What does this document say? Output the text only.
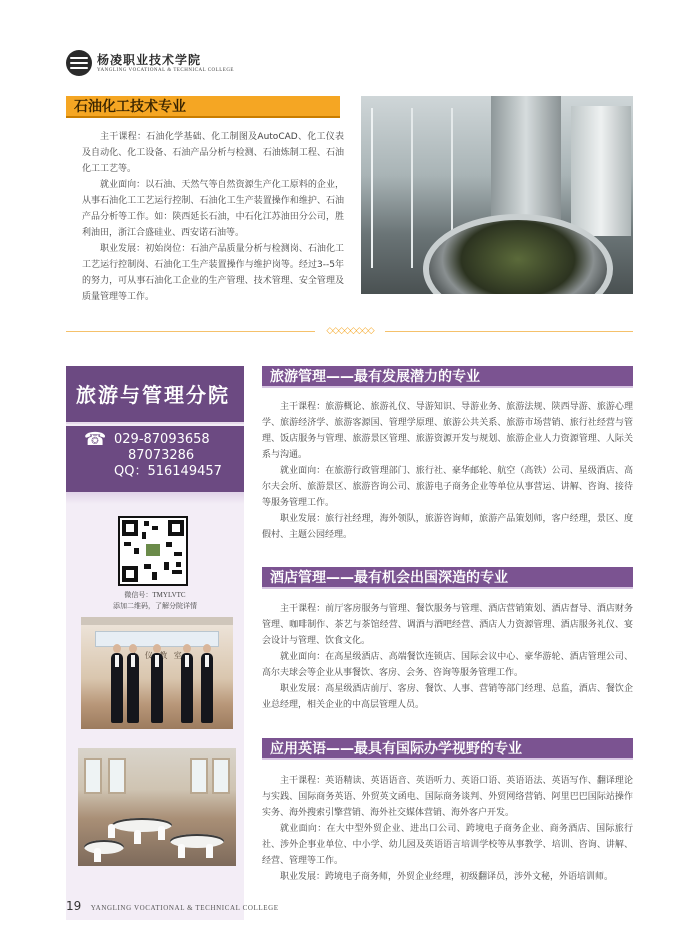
杨凌职业技术学院
YANGLING VOCATIONAL & TECHNICAL COLLEGE
石油化工技术专业

主干课程：石油化学基础、化工制图及AutoCAD、化工仪表及自动化、化工设备、石油产品分析与检测、石油炼制工程、石油化工工艺等。

就业面向：以石油、天然气等自然资源生产化工原料的企业，从事石油化工工艺运行控制、石油化工生产装置操作和维护、石油产品分析等工作。如：陕西延长石油，中石化江苏油田分公司，胜利油田，浙江合盛硅业、西安诺石油等。

职业发展：初始岗位：石油产品质量分析与检测岗、石油化工工艺运行控制岗、石油化工生产装置操作与维护岗等。经过3--5年的努力，可从事石油化工企业的生产管理、技术管理、安全管理及质量管理等工作。

◇◇◇◇◇◇◇◇
旅游与管理分院
☎ 029-87093658
87073286
QQ：516149457
微信号：TMYLVTC
添加二维码，了解分院详情
仪 教 室
旅游管理——最有发展潜力的专业

主干课程：旅游概论、旅游礼仪、导游知识、导游业务、旅游法规、陕西导游、旅游心理学、旅游经济学、旅游客源国、管理学原理、旅游公共关系、旅游市场营销、旅行社经营与管理、饭店服务与管理、旅游景区管理、旅游资源开发与规划、旅游企业人力资源管理、人际关系与沟通。

就业面向：在旅游行政管理部门、旅行社、豪华邮轮、航空（高铁）公司、星级酒店、高尔夫会所、旅游景区、旅游咨询公司、旅游电子商务企业等单位从事营运、讲解、咨询、接待等服务管理工作。

职业发展：旅行社经理，海外领队，旅游咨询师，旅游产品策划师，客户经理，景区、度假村、主题公园经理。

酒店管理——最有机会出国深造的专业

主干课程：前厅客房服务与管理、餐饮服务与管理、酒店营销策划、酒店督导、酒店财务管理、咖啡制作、茶艺与茶馆经营、调酒与酒吧经营、酒店人力资源管理、酒店服务礼仪、宴会设计与管理、饮食文化。

就业面向：在高星级酒店、高端餐饮连锁店、国际会议中心、豪华游轮、酒店管理公司、高尔夫球会等企业从事餐饮、客房、会务、咨询等服务管理工作。

职业发展：高星级酒店前厅、客房、餐饮、人事、营销等部门经理、总监，酒店、餐饮企业总经理，相关企业的中高层管理人员。

应用英语——最具有国际办学视野的专业

主干课程：英语精读、英语语音、英语听力、英语口语、英语语法、英语写作、翻译理论与实践、国际商务英语、外贸英文函电、国际商务谈判、外贸网络营销、阿里巴巴国际站操作实务、海外搜索引擎营销、海外社交媒体营销、海外客户开发。

就业面向：在大中型外贸企业、进出口公司、跨境电子商务企业、商务酒店、国际旅行社、涉外企事业单位、中小学、幼儿园及英语语言培训学校等从事教学、培训、咨询、讲解、经营、管理等工作。

职业发展：跨境电子商务师，外贸企业经理，初级翻译员，涉外文秘，外语培训师。

19 YANGLING VOCATIONAL & TECHNICAL COLLEGE
